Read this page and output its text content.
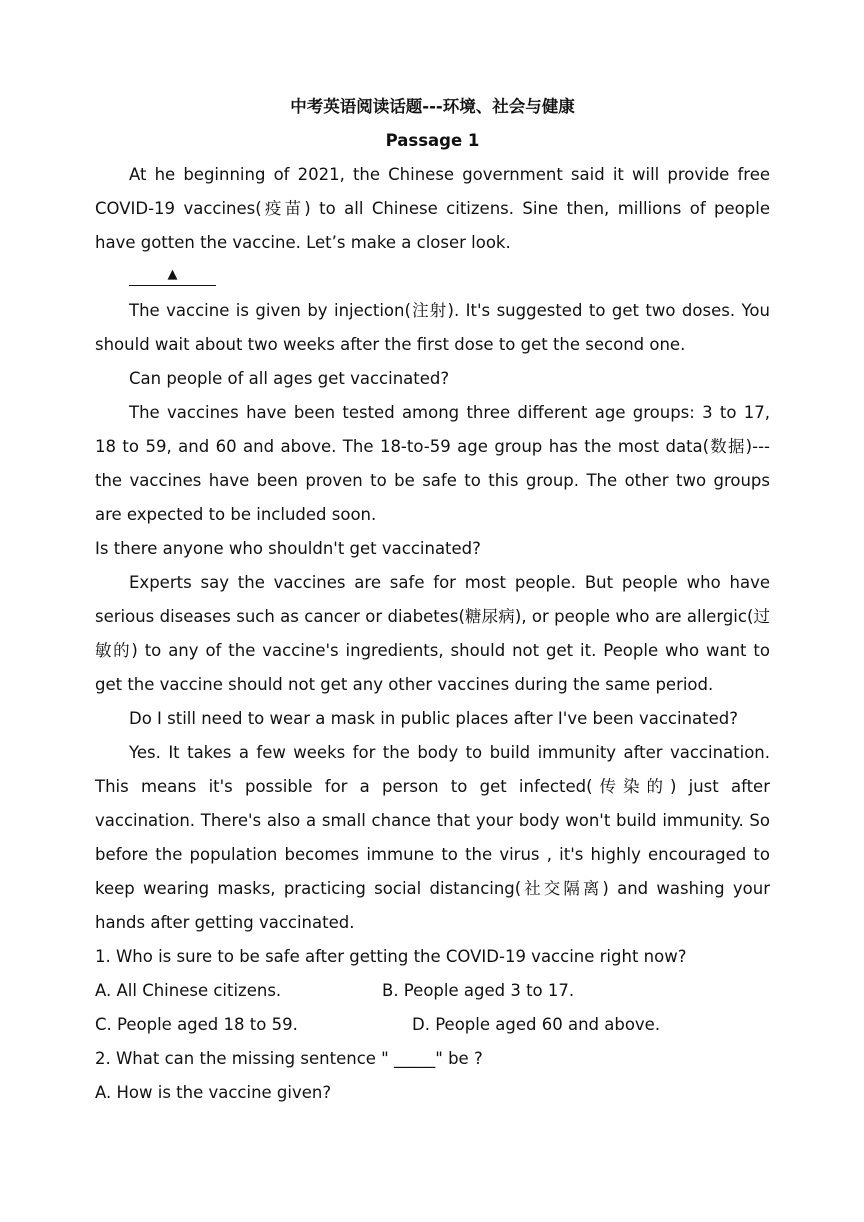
中考英语阅读话题---环境、社会与健康
Passage 1

At he beginning of 2021, the Chinese government said it will provide free COVID-19 vaccines(疫苗) to all Chinese citizens. Sine then, millions of people have gotten the vaccine. Let’s make a closer look.

▲

The vaccine is given by injection(注射). It's suggested to get two doses. You should wait about two weeks after the first dose to get the second one.

Can people of all ages get vaccinated?

The vaccines have been tested among three different age groups: 3 to 17, 18 to 59, and 60 and above. The 18-to-59 age group has the most data(数据)---the vaccines have been proven to be safe to this group. The other two groups are expected to be included soon.

Is there anyone who shouldn't get vaccinated?

Experts say the vaccines are safe for most people. But people who have serious diseases such as cancer or diabetes(糖尿病), or people who are allergic(过敏的) to any of the vaccine's ingredients, should not get it. People who want to get the vaccine should not get any other vaccines during the same period.

Do I still need to wear a mask in public places after I've been vaccinated?

Yes. It takes a few weeks for the body to build immunity after vaccination. This means it's possible for a person to get infected(传染的) just after vaccination. There's also a small chance that your body won't build immunity. So before the population becomes immune to the virus , it's highly encouraged to keep wearing masks, practicing social distancing(社交隔离) and washing your hands after getting vaccinated.

1. Who is sure to be safe after getting the COVID-19 vaccine right now?
A. All Chinese citizens.	B. People aged 3 to 17.
C. People aged 18 to 59.	D. People aged 60 and above.
2. What can the missing sentence " _____" be ?
A. How is the vaccine given?
